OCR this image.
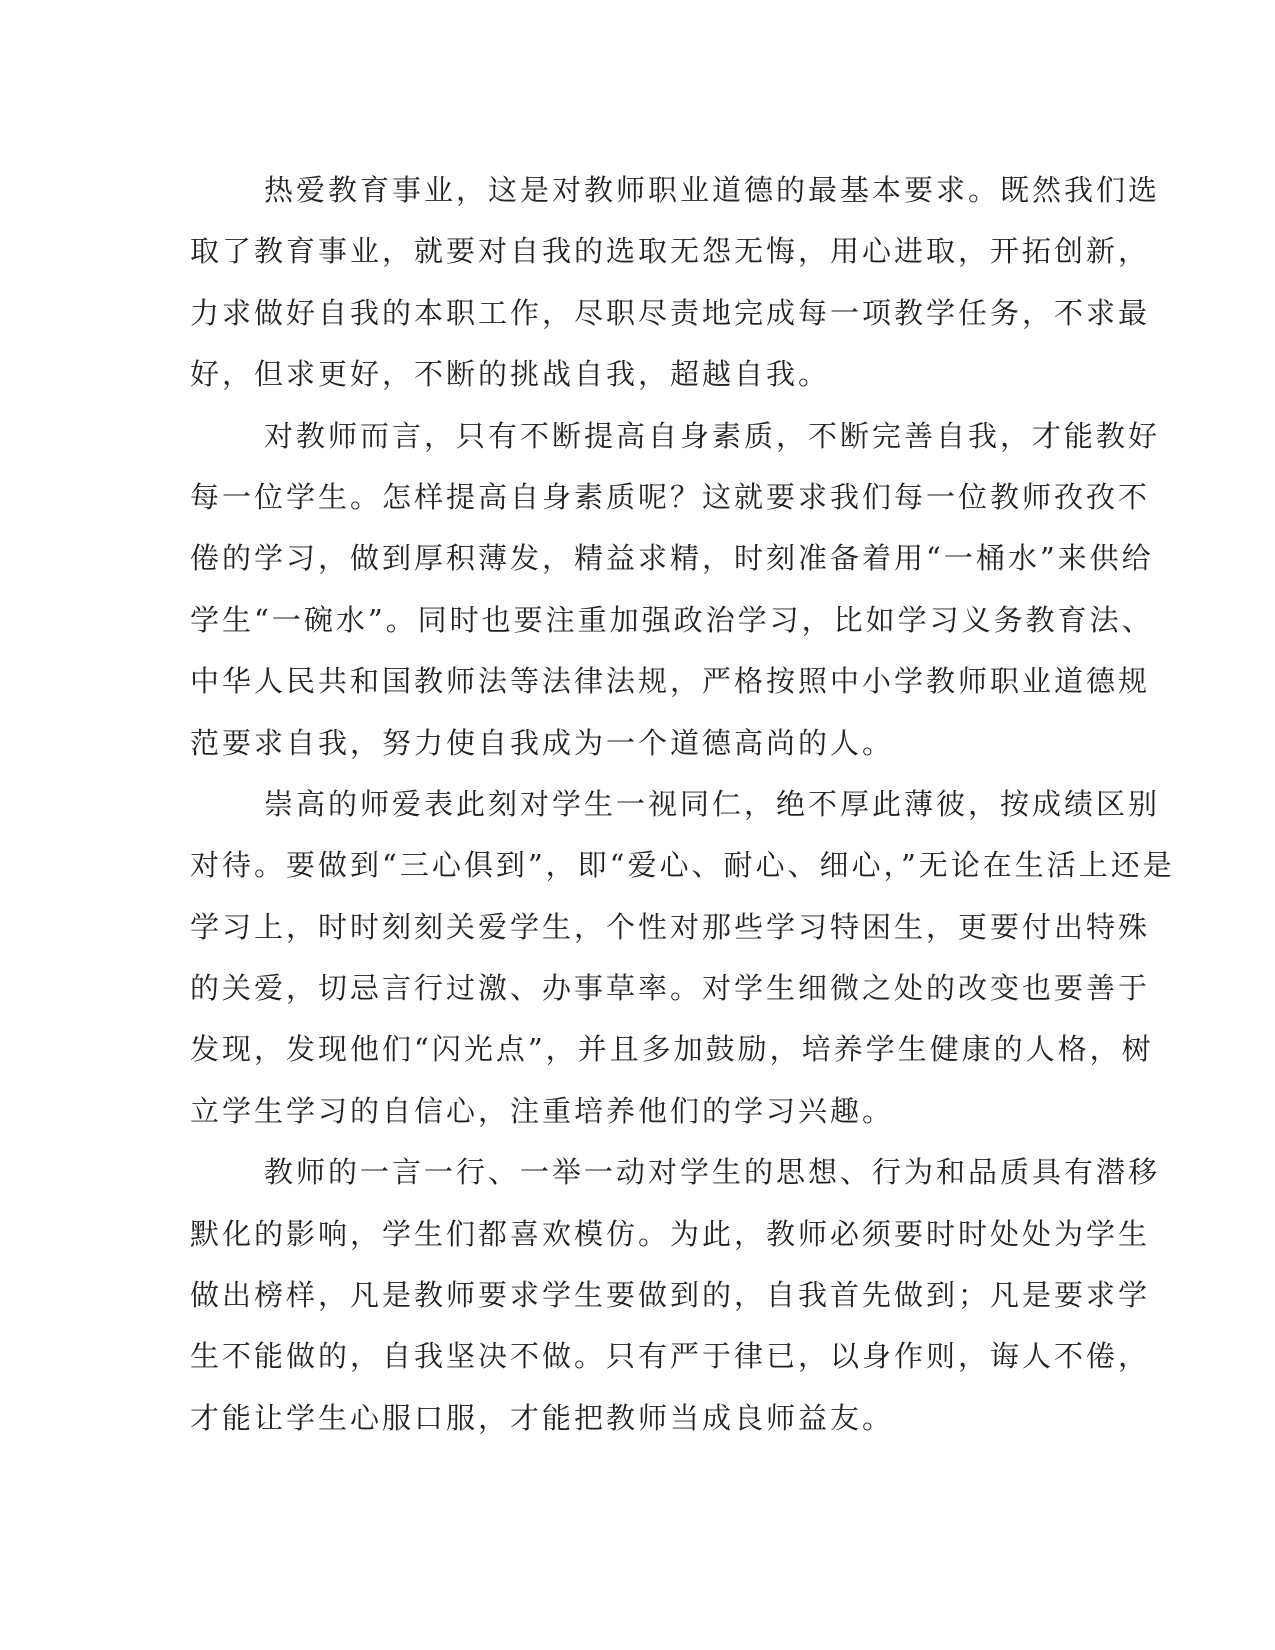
热爱教育事业，这是对教师职业道德的最基本要求。既然我们选
取了教育事业，就要对自我的选取无怨无悔，用心进取，开拓创新，
力求做好自我的本职工作，尽职尽责地完成每一项教学任务，不求最
好，但求更好，不断的挑战自我，超越自我。
对教师而言，只有不断提高自身素质，不断完善自我，才能教好
每一位学生。怎样提高自身素质呢？这就要求我们每一位教师孜孜不
倦的学习，做到厚积薄发，精益求精，时刻准备着用“一桶水”来供给
学生“一碗水”。同时也要注重加强政治学习，比如学习义务教育法、
中华人民共和国教师法等法律法规，严格按照中小学教师职业道德规
范要求自我，努力使自我成为一个道德高尚的人。
崇高的师爱表此刻对学生一视同仁，绝不厚此薄彼，按成绩区别
对待。要做到“三心俱到”，即“爱心、耐心、细心，”无论在生活上还是
学习上，时时刻刻关爱学生，个性对那些学习特困生，更要付出特殊
的关爱，切忌言行过激、办事草率。对学生细微之处的改变也要善于
发现，发现他们“闪光点”，并且多加鼓励，培养学生健康的人格，树
立学生学习的自信心，注重培养他们的学习兴趣。
教师的一言一行、一举一动对学生的思想、行为和品质具有潜移
默化的影响，学生们都喜欢模仿。为此，教师必须要时时处处为学生
做出榜样，凡是教师要求学生要做到的，自我首先做到；凡是要求学
生不能做的，自我坚决不做。只有严于律已，以身作则，诲人不倦，
才能让学生心服口服，才能把教师当成良师益友。
